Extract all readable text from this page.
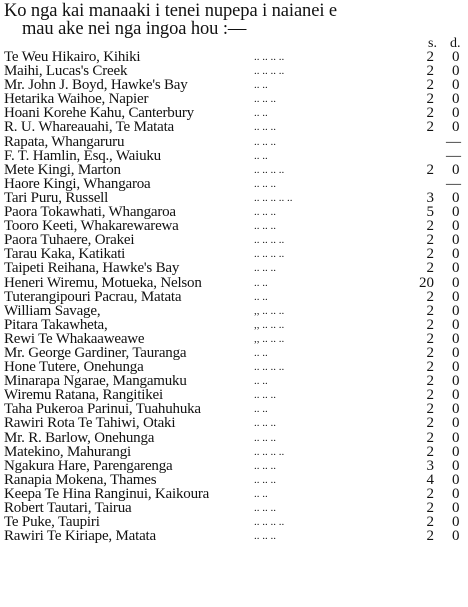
Ko nga kai manaaki i tenei nupepa i naianei e
mau ake nei nga ingoa hou :—

s. d.
Te Weu Hikairo, Kihiki	.. .. .. ..	2 0
Maihi, Lucas's Creek	.. .. .. ..	2 0
Mr. John J. Boyd, Hawke's Bay	.. ..	2 0
Hetarika Waihoe, Napier	.. .. ..	2 0
Hoani Korehe Kahu, Canterbury	.. ..	2 0
R. U. Whareauahi, Te Matata	.. .. ..	2 0
Rapata, Whangaruru	.. .. ..	—
F. T. Hamlin, Esq., Waiuku	.. ..	—
Mete Kingi, Marton	.. .. .. ..	2 0
Haore Kingi, Whangaroa	.. .. ..	—
Tari Puru, Russell	.. .. .. .. ..	3 0
Paora Tokawhati, Whangaroa	.. .. ..	5 0
Tooro Keeti, Whakarewarewa	.. .. ..	2 0
Paora Tuhaere, Orakei	.. .. .. ..	2 0
Tarau Kaka, Katikati	.. .. .. ..	2 0
Taipeti Reihana, Hawke's Bay	.. .. ..	2 0
Heneri Wiremu, Motueka, Nelson	.. ..	20 0
Tuterangipouri Pacrau, Matata	.. ..	2 0
William Savage,	,, .. .. ..	2 0
Pitara Takawheta,	,, .. .. ..	2 0
Rewi Te Whakaaweawe	,, .. .. ..	2 0
Mr. George Gardiner, Tauranga	.. ..	2 0
Hone Tutere, Onehunga	.. .. .. ..	2 0
Minarapa Ngarae, Mangamuku	.. ..	2 0
Wiremu Ratana, Rangitikei	.. .. ..	2 0
Taha Pukeroa Parinui, Tuahuhuka	.. ..	2 0
Rawiri Rota Te Tahiwi, Otaki	.. .. ..	2 0
Mr. R. Barlow, Onehunga	.. .. ..	2 0
Matekino, Mahurangi	.. .. .. ..	2 0
Ngakura Hare, Parengarenga	.. .. ..	3 0
Ranapia Mokena, Thames	.. .. ..	4 0
Keepa Te Hina Ranginui, Kaikoura	.. ..	2 0
Robert Tautari, Tairua	.. .. ..	2 0
Te Puke, Taupiri	.. .. .. ..	2 0
Rawiri Te Kiriape, Matata	.. .. ..	2 0
